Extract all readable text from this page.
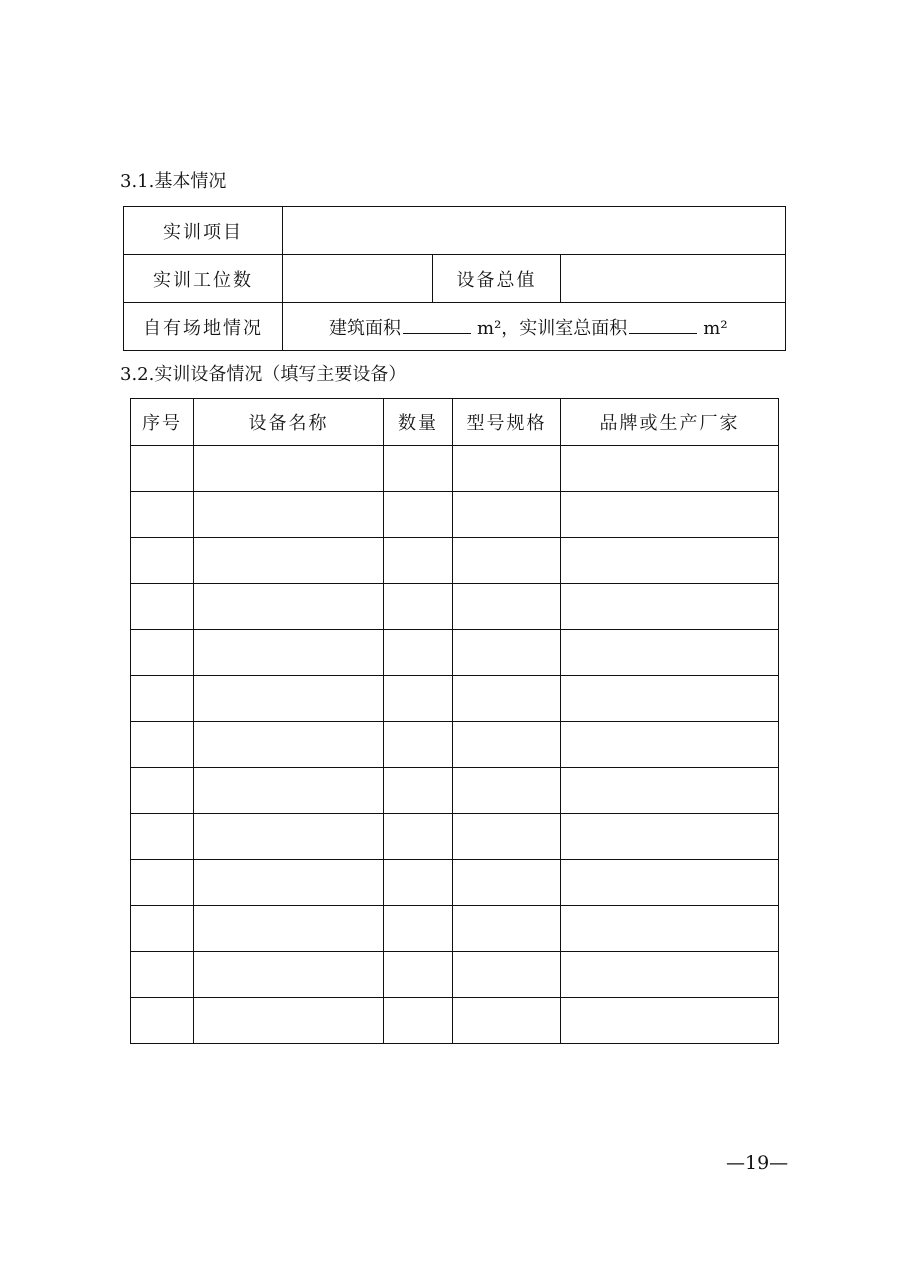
3.1.基本情况
实训项目			
实训工位数		设备总值	
自有场地情况	建筑面积 m²，实训室总面积 m²		
3.2.实训设备情况（填写主要设备）
序号	设备名称	数量	型号规格	品牌或生产厂家

—19—
